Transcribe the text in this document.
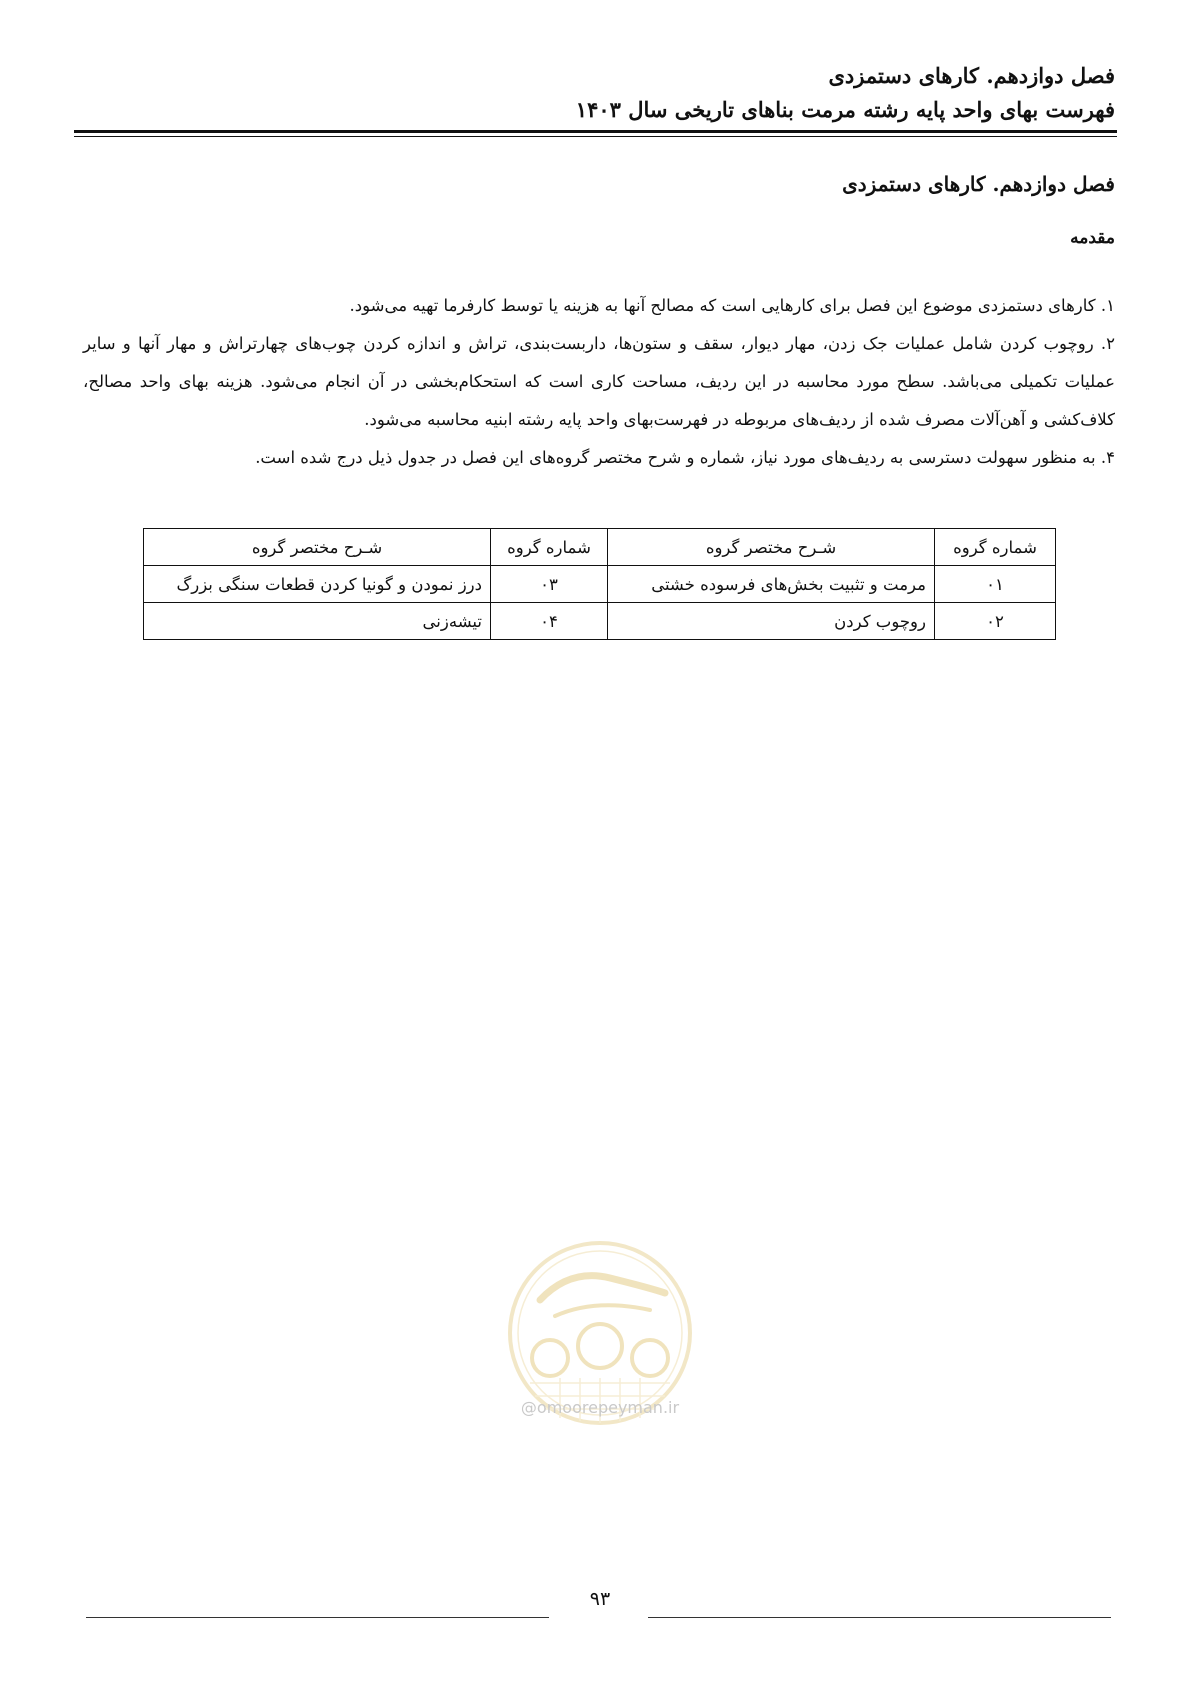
فصل دوازدهم. کارهای دستمزدی
فهرست بهای واحد پایه رشته مرمت بناهای تاریخی سال ۱۴۰۳
فصل دوازدهم. کارهای دستمزدی
مقدمه

۱. کارهای دستمزدی موضوع این فصل برای کارهایی است که مصالح آنها به هزینه یا توسط کارفرما تهیه می‌شود.

۲. روچوب کردن شامل عملیات جک زدن، مهار دیوار، سقف و ستون‌ها، داربست‌بندی، تراش و اندازه کردن چوب‌های چهارتراش و مهار آنها و سایر عملیات تکمیلی می‌باشد. سطح مورد محاسبه در این ردیف، مساحت کاری است که استحکام‌بخشی در آن انجام می‌شود. هزینه بهای واحد مصالح، کلاف‌کشی و آهن‌آلات مصرف شده از ردیف‌های مربوطه در فهرست‌بهای واحد پایه رشته ابنیه محاسبه می‌شود.

۴. به منظور سهولت دسترسی به ردیف‌های مورد نیاز، شماره و شرح مختصر گروه‌های این فصل در جدول ذیل درج شده است.

شماره گروه	شـرح مختصر گروه	شماره گروه	شـرح مختصر گروه
۰۱	مرمت و تثبیت بخش‌های فرسوده خشتی	۰۳	درز نمودن و گونیا کردن قطعات سنگی بزرگ
۰۲	روچوب کردن	۰۴	تیشه‌زنی
@omoorepeyman.ir
۹۳
